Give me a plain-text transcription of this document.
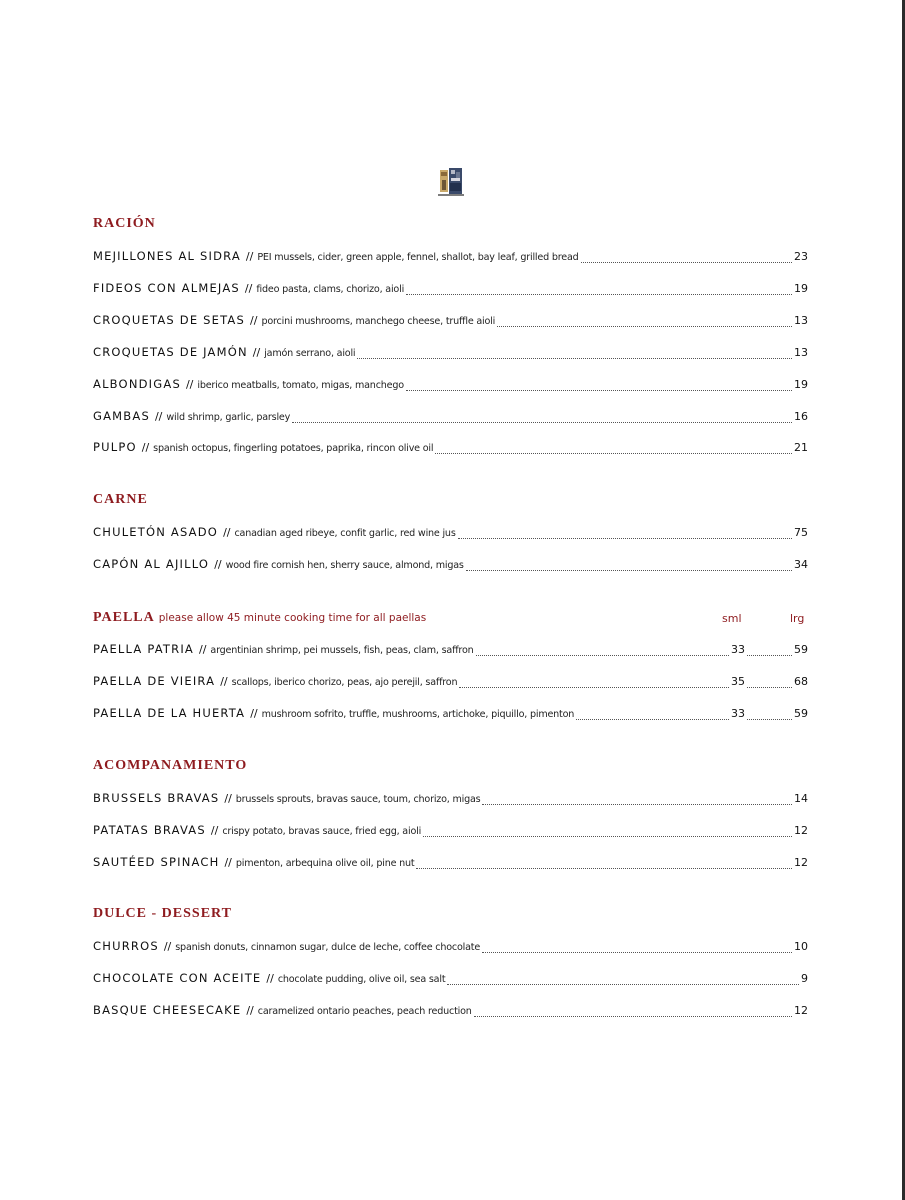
RACIÓN
MEJILLONES AL SIDRA // PEI mussels, cider, green apple, fennel, shallot, bay leaf, grilled bread	23
FIDEOS CON ALMEJAS // fideo pasta, clams, chorizo, aioli	19
CROQUETAS DE SETAS // porcini mushrooms, manchego cheese, truffle aioli	13
CROQUETAS DE JAMÓN // jamón serrano, aioli	13
ALBONDIGAS // iberico meatballs, tomato, migas, manchego	19
GAMBAS // wild shrimp, garlic, parsley	16
PULPO // spanish octopus, fingerling potatoes, paprika, rincon olive oil	21
CARNE
CHULETÓN ASADO // canadian aged ribeye, confit garlic, red wine jus	75
CAPÓN AL AJILLO // wood fire cornish hen, sherry sauce, almond, migas	34
PAELLA please allow 45 minute cooking time for all paellas	sml	lrg
PAELLA PATRIA // argentinian shrimp, pei mussels, fish, peas, clam, saffron	33	59
PAELLA DE VIEIRA // scallops, iberico chorizo, peas, ajo perejil, saffron	35	68
PAELLA DE LA HUERTA // mushroom sofrito, truffle, mushrooms, artichoke, piquillo, pimenton	33	59
ACOMPANAMIENTO
BRUSSELS BRAVAS // brussels sprouts, bravas sauce, toum, chorizo, migas	14
PATATAS BRAVAS // crispy potato, bravas sauce, fried egg, aioli	12
SAUTÉED SPINACH // pimenton, arbequina olive oil, pine nut	12
DULCE - DESSERT
CHURROS // spanish donuts, cinnamon sugar, dulce de leche, coffee chocolate	10
CHOCOLATE CON ACEITE // chocolate pudding, olive oil, sea salt	9
BASQUE CHEESECAKE // caramelized ontario peaches, peach reduction	12
